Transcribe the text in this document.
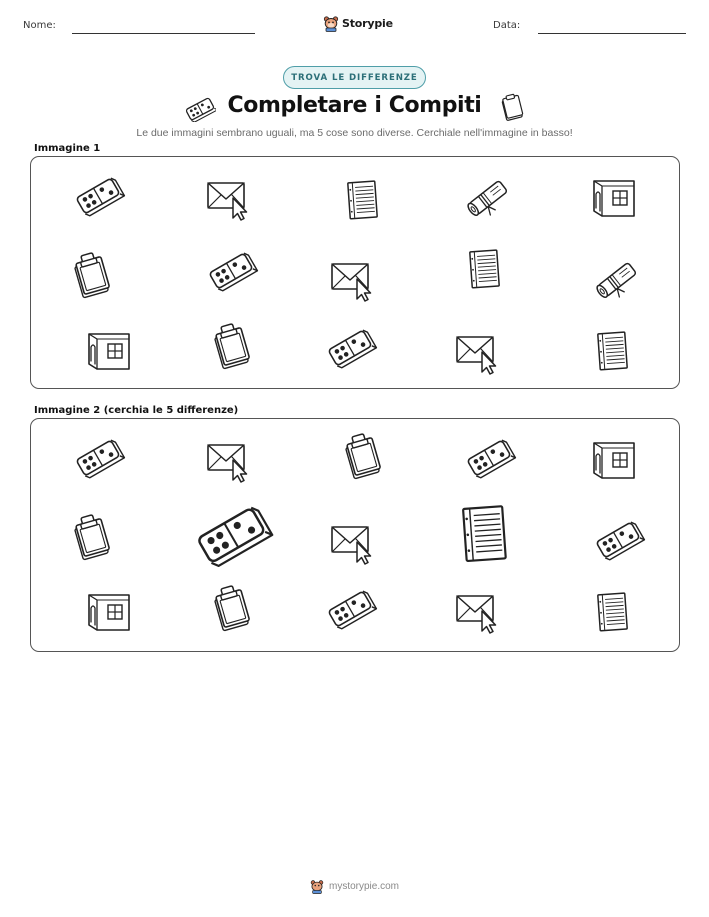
Nome:	Storypie	Data:
TROVA LE DIFFERENZE
Completare i Compiti
Le due immagini sembrano uguali, ma 5 cose sono diverse. Cerchiale nell'immagine in basso!
Immagine 1
Immagine 2 (cerchia le 5 differenze)
mystorypie.com
